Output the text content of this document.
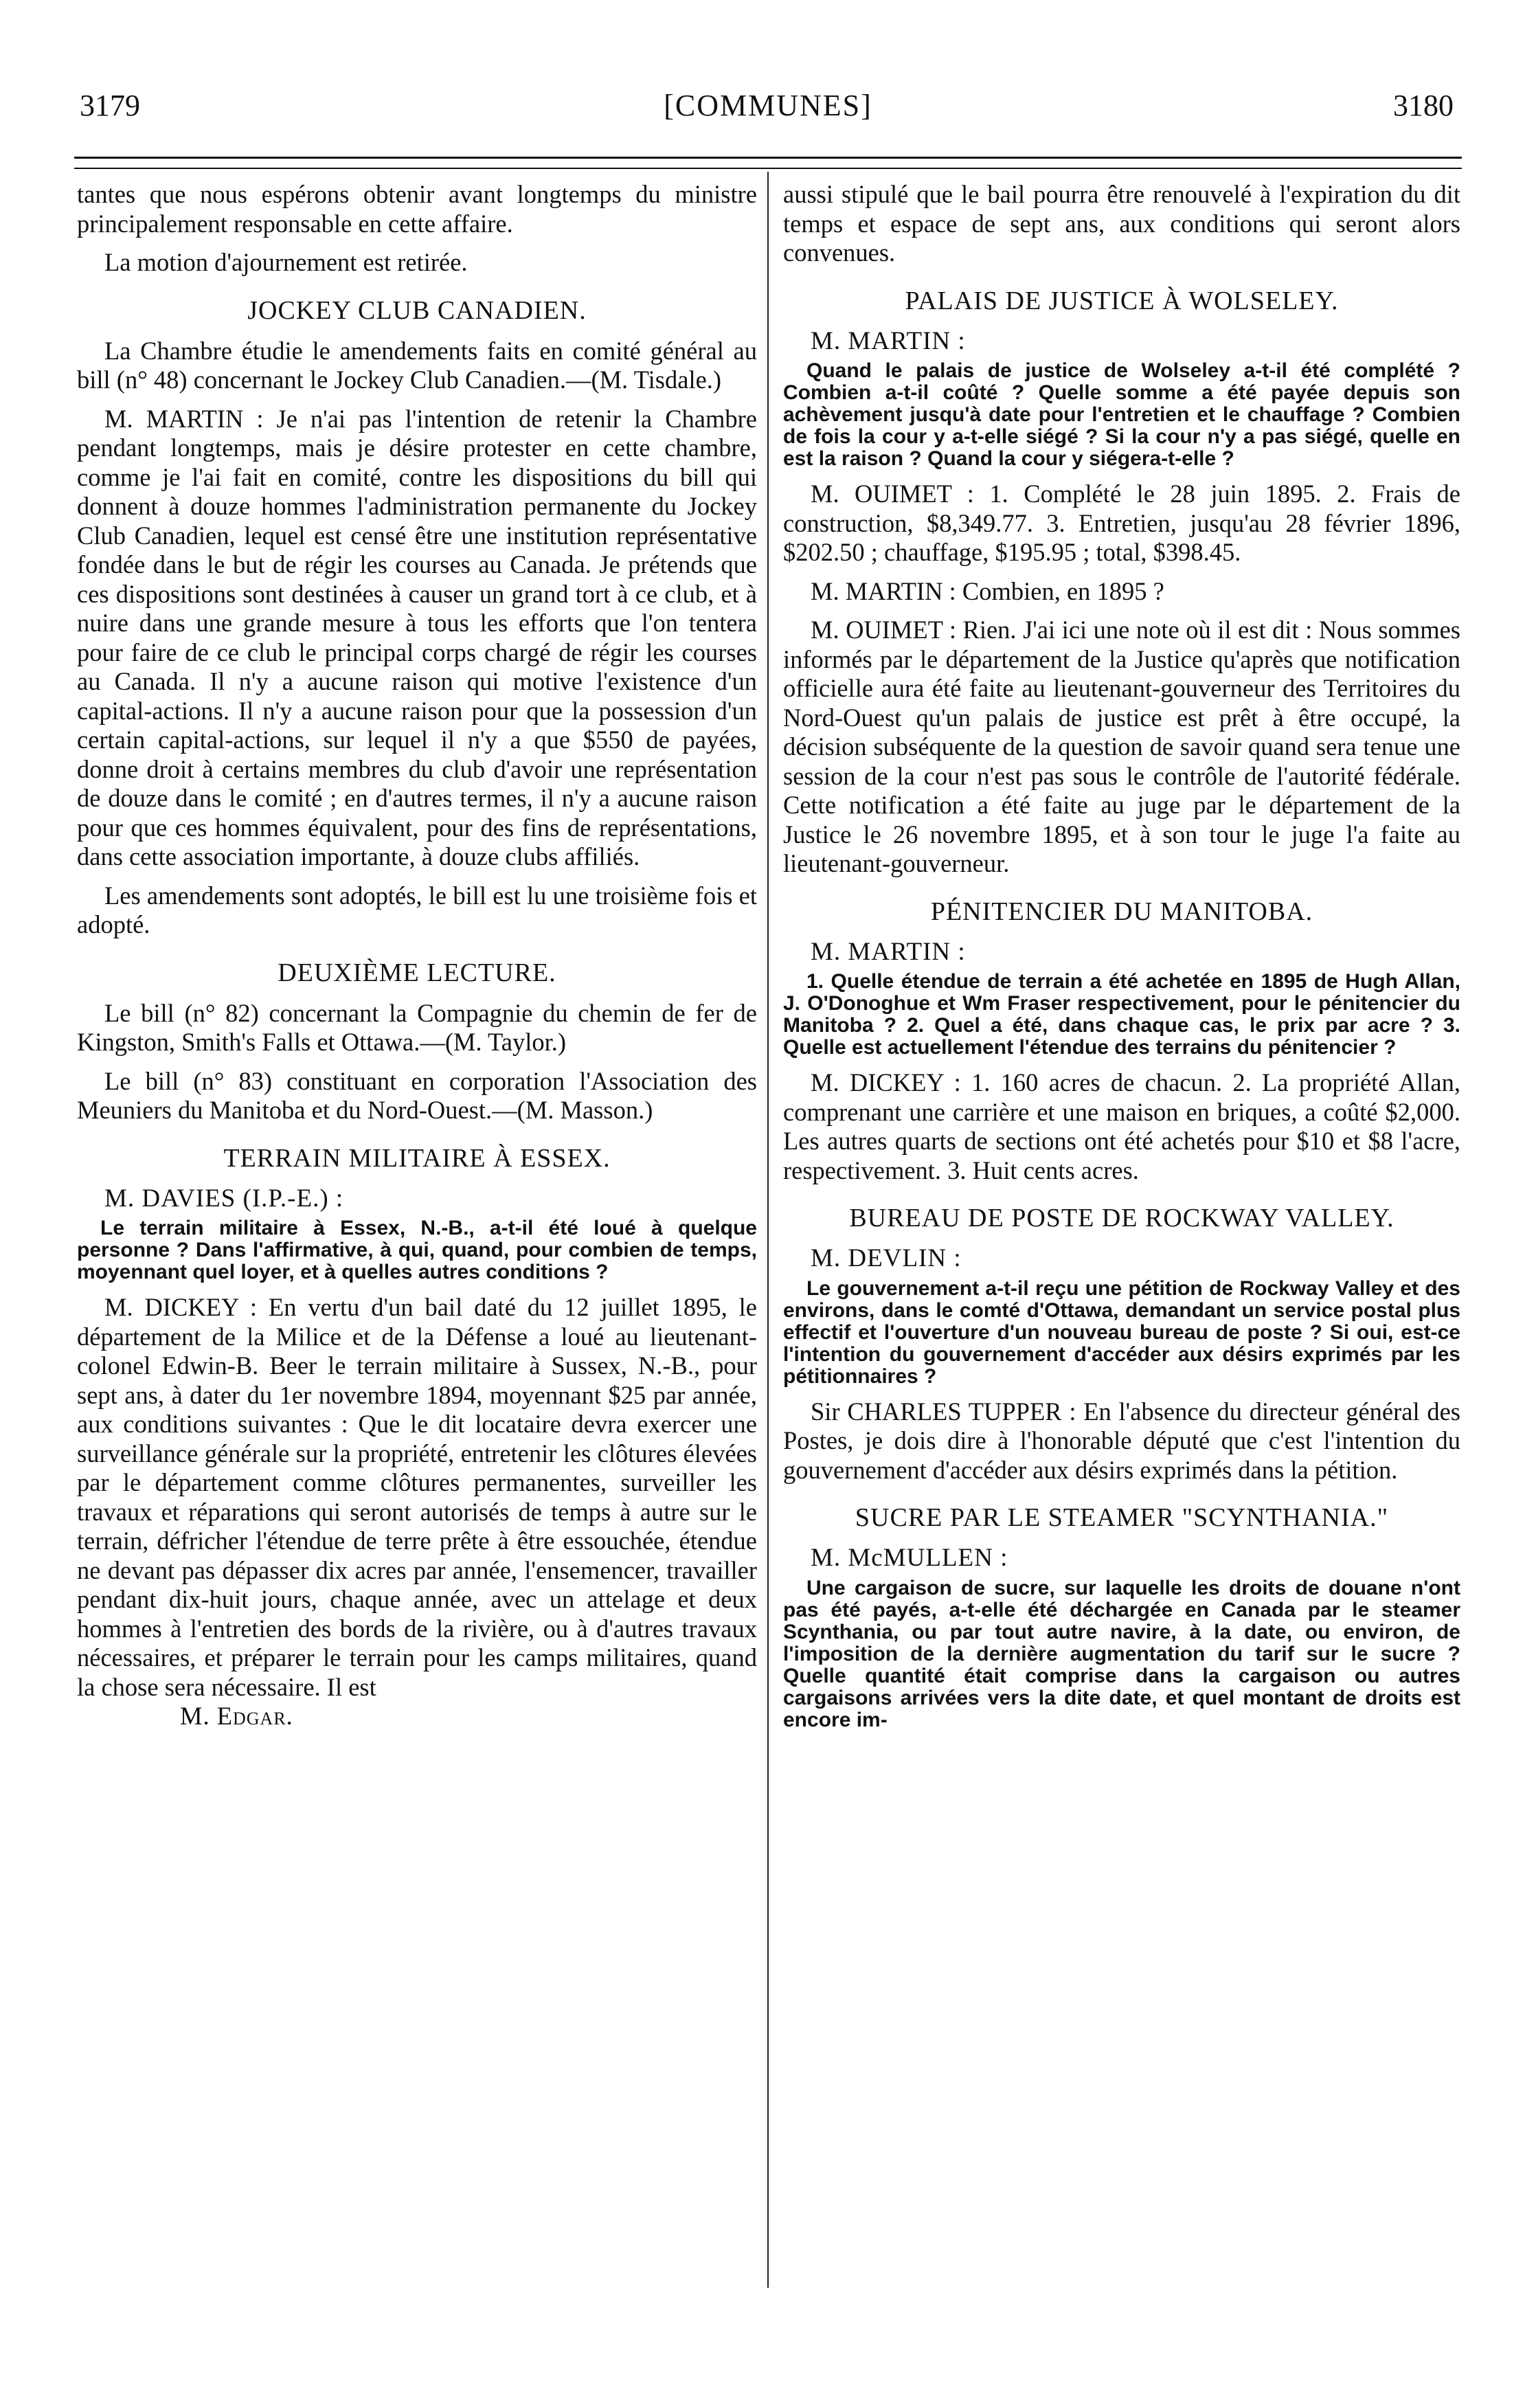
3179	[COMMUNES]	3180

tantes que nous espérons obtenir avant longtemps du ministre principalement responsable en cette affaire.

La motion d'ajournement est retirée.

JOCKEY CLUB CANADIEN.

La Chambre étudie le amendements faits en comité général au bill (n° 48) concernant le Jockey Club Canadien.—(M. Tisdale.)

M. MARTIN : Je n'ai pas l'intention de retenir la Chambre pendant longtemps, mais je désire protester en cette chambre, comme je l'ai fait en comité, contre les dispositions du bill qui donnent à douze hommes l'administration permanente du Jockey Club Canadien, lequel est censé être une institution représentative fondée dans le but de régir les courses au Canada. Je prétends que ces dispositions sont destinées à causer un grand tort à ce club, et à nuire dans une grande mesure à tous les efforts que l'on tentera pour faire de ce club le principal corps chargé de régir les courses au Canada. Il n'y a aucune raison qui motive l'existence d'un capital-actions. Il n'y a aucune raison pour que la possession d'un certain capital-actions, sur lequel il n'y a que $550 de payées, donne droit à certains membres du club d'avoir une représentation de douze dans le comité ; en d'autres termes, il n'y a aucune raison pour que ces hommes équivalent, pour des fins de représentations, dans cette association importante, à douze clubs affiliés.

Les amendements sont adoptés, le bill est lu une troisième fois et adopté.

DEUXIÈME LECTURE.

Le bill (n° 82) concernant la Compagnie du chemin de fer de Kingston, Smith's Falls et Ottawa.—(M. Taylor.)

Le bill (n° 83) constituant en corporation l'Association des Meuniers du Manitoba et du Nord-Ouest.—(M. Masson.)

TERRAIN MILITAIRE À ESSEX.
M. DAVIES (I.P.-E.) :

Le terrain militaire à Essex, N.-B., a-t-il été loué à quelque personne ? Dans l'affirmative, à qui, quand, pour combien de temps, moyennant quel loyer, et à quelles autres conditions ?

M. DICKEY : En vertu d'un bail daté du 12 juillet 1895, le département de la Milice et de la Défense a loué au lieutenant-colonel Edwin-B. Beer le terrain militaire à Sussex, N.-B., pour sept ans, à dater du 1er novembre 1894, moyennant $25 par année, aux conditions suivantes : Que le dit locataire devra exercer une surveillance générale sur la propriété, entretenir les clôtures élevées par le département comme clôtures permanentes, surveiller les travaux et réparations qui seront autorisés de temps à autre sur le terrain, défricher l'étendue de terre prête à être essouchée, étendue ne devant pas dépasser dix acres par année, l'ensemencer, travailler pendant dix-huit jours, chaque année, avec un attelage et deux hommes à l'entretien des bords de la rivière, ou à d'autres travaux nécessaires, et préparer le terrain pour les camps militaires, quand la chose sera nécessaire. Il est

M. Edgar.

aussi stipulé que le bail pourra être renouvelé à l'expiration du dit temps et espace de sept ans, aux conditions qui seront alors convenues.

PALAIS DE JUSTICE À WOLSELEY.
M. MARTIN :

Quand le palais de justice de Wolseley a-t-il été complété ? Combien a-t-il coûté ? Quelle somme a été payée depuis son achèvement jusqu'à date pour l'entretien et le chauffage ? Combien de fois la cour y a-t-elle siégé ? Si la cour n'y a pas siégé, quelle en est la raison ? Quand la cour y siégera-t-elle ?

M. OUIMET : 1. Complété le 28 juin 1895. 2. Frais de construction, $8,349.77. 3. Entretien, jusqu'au 28 février 1896, $202.50 ; chauffage, $195.95 ; total, $398.45.

M. MARTIN : Combien, en 1895 ?

M. OUIMET : Rien. J'ai ici une note où il est dit : Nous sommes informés par le département de la Justice qu'après que notification officielle aura été faite au lieutenant-gouverneur des Territoires du Nord-Ouest qu'un palais de justice est prêt à être occupé, la décision subséquente de la question de savoir quand sera tenue une session de la cour n'est pas sous le contrôle de l'autorité fédérale. Cette notification a été faite au juge par le département de la Justice le 26 novembre 1895, et à son tour le juge l'a faite au lieutenant-gouverneur.

PÉNITENCIER DU MANITOBA.
M. MARTIN :

1. Quelle étendue de terrain a été achetée en 1895 de Hugh Allan, J. O'Donoghue et Wm Fraser respectivement, pour le pénitencier du Manitoba ? 2. Quel a été, dans chaque cas, le prix par acre ? 3. Quelle est actuellement l'étendue des terrains du pénitencier ?

M. DICKEY : 1. 160 acres de chacun. 2. La propriété Allan, comprenant une carrière et une maison en briques, a coûté $2,000. Les autres quarts de sections ont été achetés pour $10 et $8 l'acre, respectivement. 3. Huit cents acres.

BUREAU DE POSTE DE ROCKWAY VALLEY.
M. DEVLIN :

Le gouvernement a-t-il reçu une pétition de Rockway Valley et des environs, dans le comté d'Ottawa, demandant un service postal plus effectif et l'ouverture d'un nouveau bureau de poste ? Si oui, est-ce l'intention du gouvernement d'accéder aux désirs exprimés par les pétitionnaires ?

Sir CHARLES TUPPER : En l'absence du directeur général des Postes, je dois dire à l'honorable député que c'est l'intention du gouvernement d'accéder aux désirs exprimés dans la pétition.

SUCRE PAR LE STEAMER "SCYNTHANIA."
M. McMULLEN :

Une cargaison de sucre, sur laquelle les droits de douane n'ont pas été payés, a-t-elle été déchargée en Canada par le steamer Scynthania, ou par tout autre navire, à la date, ou environ, de l'imposition de la dernière augmentation du tarif sur le sucre ? Quelle quantité était comprise dans la cargaison ou autres cargaisons arrivées vers la dite date, et quel montant de droits est encore im-
